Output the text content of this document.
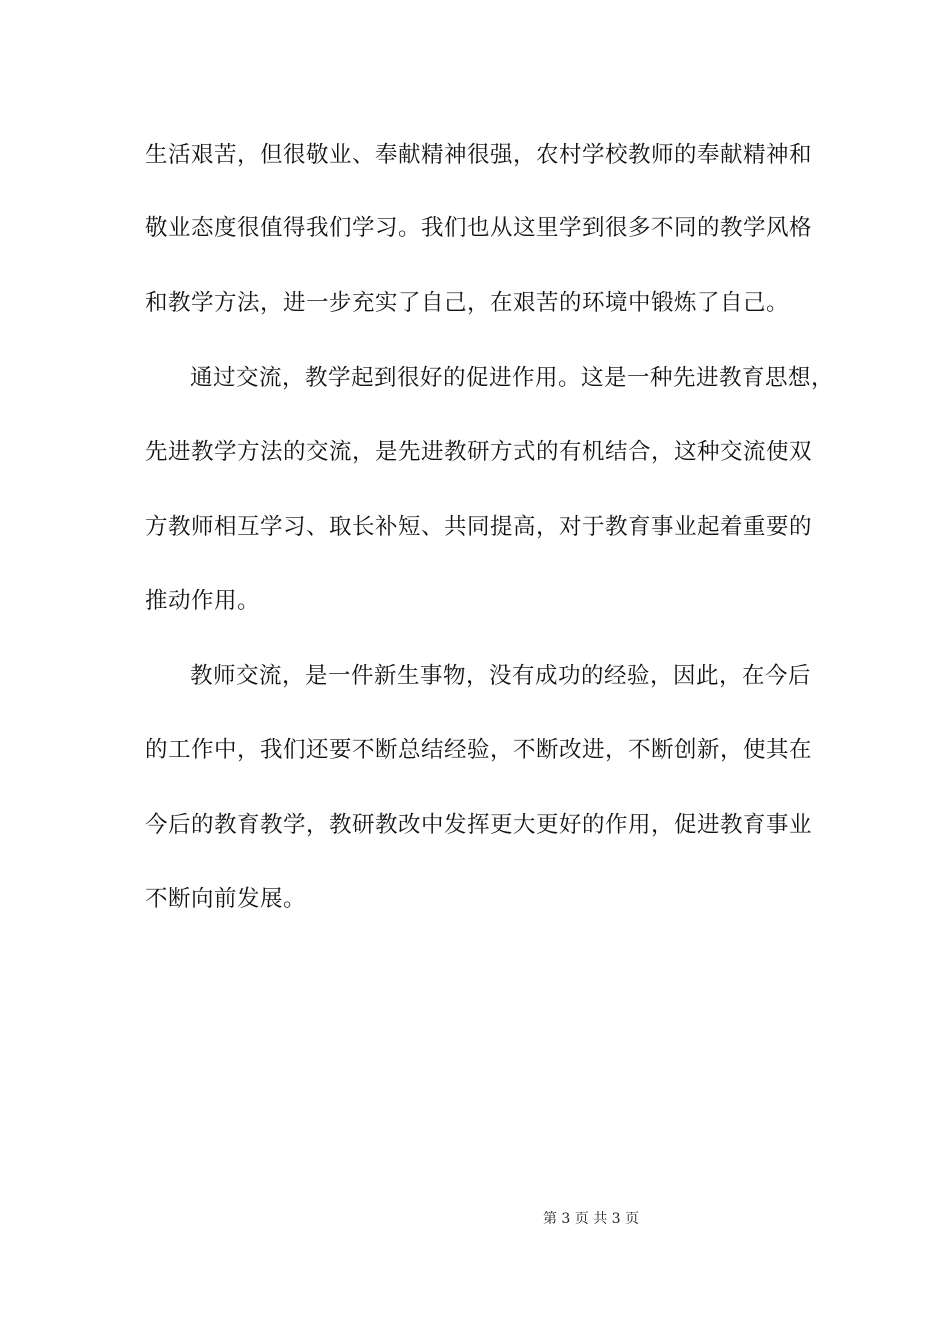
生活艰苦，但很敬业、奉献精神很强，农村学校教师的奉献精神和
敬业态度很值得我们学习。我们也从这里学到很多不同的教学风格
和教学方法，进一步充实了自己，在艰苦的环境中锻炼了自己。
通过交流，教学起到很好的促进作用。这是一种先进教育思想，
先进教学方法的交流，是先进教研方式的有机结合，这种交流使双
方教师相互学习、取长补短、共同提高，对于教育事业起着重要的
推动作用。
教师交流，是一件新生事物，没有成功的经验，因此，在今后
的工作中，我们还要不断总结经验，不断改进，不断创新，使其在
今后的教育教学，教研教改中发挥更大更好的作用，促进教育事业
不断向前发展。
第 3 页 共 3 页
